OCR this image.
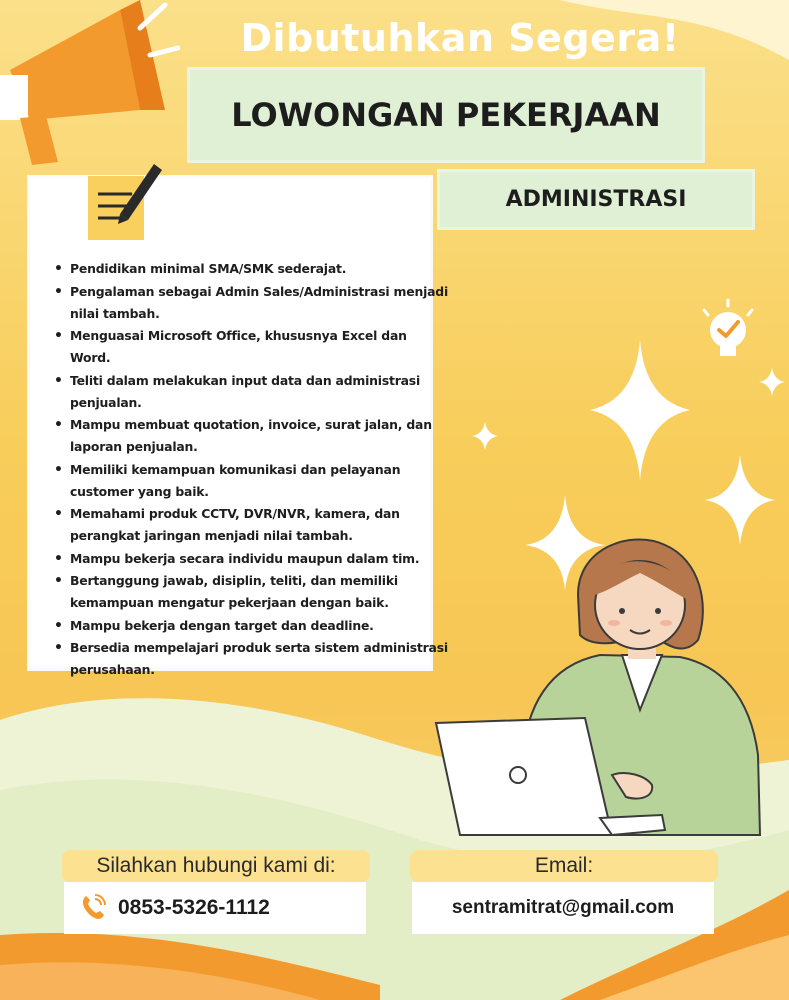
Dibutuhkan Segera!
LOWONGAN PEKERJAAN
ADMINISTRASI
• Pendidikan minimal SMA/SMK sederajat.
• Pengalaman sebagai Admin Sales/Administrasi menjadi nilai tambah.
• Menguasai Microsoft Office, khususnya Excel dan Word.
• Teliti dalam melakukan input data dan administrasi penjualan.
• Mampu membuat quotation, invoice, surat jalan, dan laporan penjualan.
• Memiliki kemampuan komunikasi dan pelayanan customer yang baik.
• Memahami produk CCTV, DVR/NVR, kamera, dan perangkat jaringan menjadi nilai tambah.
• Mampu bekerja secara individu maupun dalam tim.
• Bertanggung jawab, disiplin, teliti, dan memiliki kemampuan mengatur pekerjaan dengan baik.
• Mampu bekerja dengan target dan deadline.
• Bersedia mempelajari produk serta sistem administrasi perusahaan.
Silahkan hubungi kami di:
0853-5326-1112
Email:
sentramitrat@gmail.com
